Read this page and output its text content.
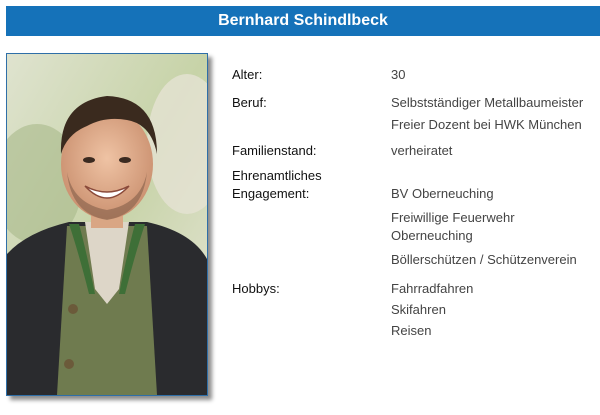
Bernhard Schindlbeck
Alter:	30
Beruf:	Selbstständiger Metallbaumeister
Freier Dozent bei HWK München
Familienstand:	verheiratet
Ehrenamtliches
Engagement:	BV Oberneuching
Freiwillige Feuerwehr
Oberneuching
Böllerschützen / Schützenverein
Hobbys:	Fahrradfahren
Skifahren
Reisen
